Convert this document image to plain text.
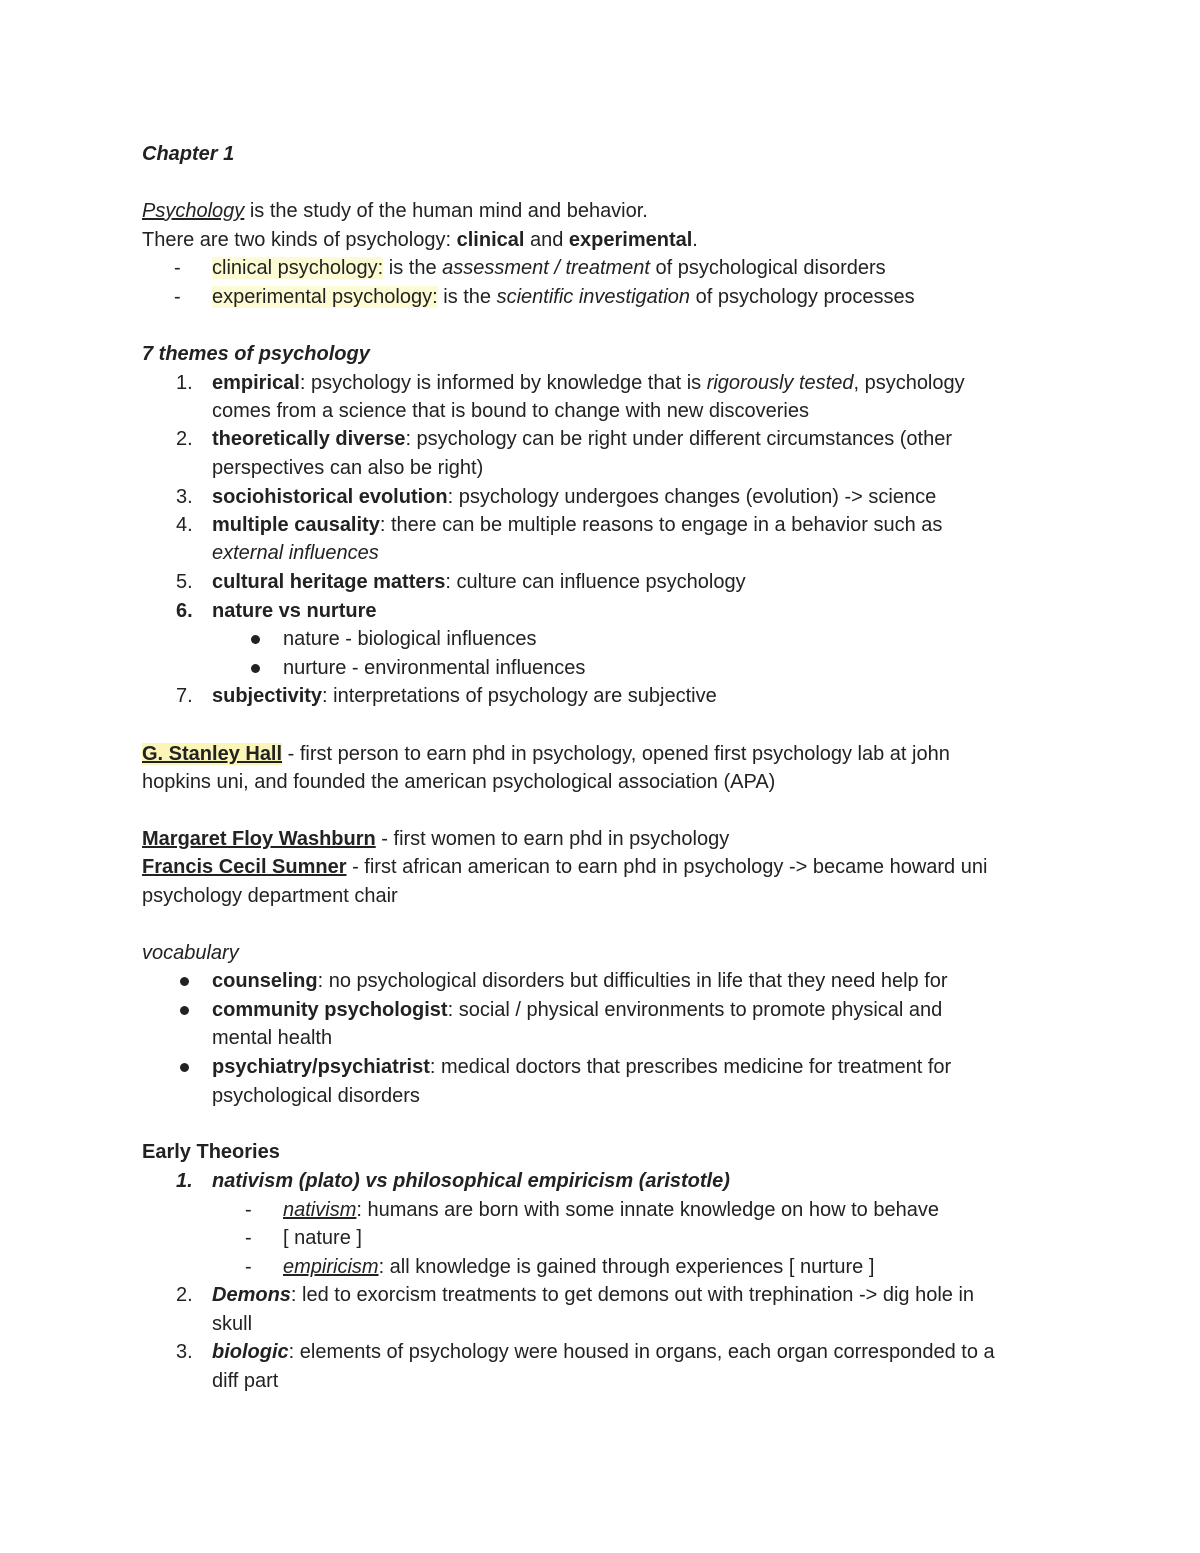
Chapter 1
Psychology is the study of the human mind and behavior.
There are two kinds of psychology: clinical and experimental.
- clinical psychology: is the assessment / treatment of psychological disorders
- experimental psychology: is the scientific investigation of psychology processes
7 themes of psychology
1. empirical: psychology is informed by knowledge that is rigorously tested, psychology
comes from a science that is bound to change with new discoveries
2. theoretically diverse: psychology can be right under different circumstances (other
perspectives can also be right)
3. sociohistorical evolution: psychology undergoes changes (evolution) -> science
4. multiple causality: there can be multiple reasons to engage in a behavior such as
external influences
5. cultural heritage matters: culture can influence psychology
6. nature vs nurture
nature - biological influences
nurture - environmental influences
7. subjectivity: interpretations of psychology are subjective
G. Stanley Hall - first person to earn phd in psychology, opened first psychology lab at john
hopkins uni, and founded the american psychological association (APA)
Margaret Floy Washburn - first women to earn phd in psychology
Francis Cecil Sumner - first african american to earn phd in psychology -> became howard uni
psychology department chair
vocabulary
counseling: no psychological disorders but difficulties in life that they need help for
community psychologist: social / physical environments to promote physical and
mental health
psychiatry/psychiatrist: medical doctors that prescribes medicine for treatment for
psychological disorders
Early Theories
1. nativism (plato) vs philosophical empiricism (aristotle)
- nativism: humans are born with some innate knowledge on how to behave
- [ nature ]
- empiricism: all knowledge is gained through experiences [ nurture ]
2. Demons: led to exorcism treatments to get demons out with trephination -> dig hole in
skull
3. biologic: elements of psychology were housed in organs, each organ corresponded to a
diff part
